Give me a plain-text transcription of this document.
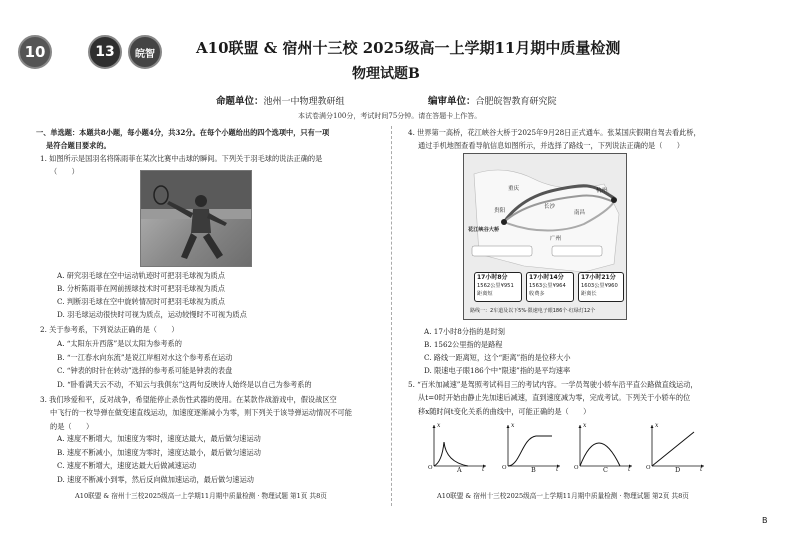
10	13 皖智	A10联盟 & 宿州十三校 2025级高一上学期11月期中质量检测
物理试题B
命题单位：池州一中物理教研组	编审单位：合肥皖智教育研究院
本试卷满分100分，考试时间75分钟。请在答题卡上作答。
一、单选题：本题共8小题，每小题4分，共32分。在每个小题给出的四个选项中，只有一项
是符合题目要求的。
1. 如图所示是国羽名将陈雨菲在某次比赛中击球的瞬间。下列关于羽毛球的说法正确的是
（　　）
A. 研究羽毛球在空中运动轨迹时可把羽毛球视为质点
B. 分析陈雨菲在网前搓球技术时可把羽毛球视为质点
C. 判断羽毛球在空中旋转情况时可把羽毛球视为质点
D. 羽毛球运动很快时可视为质点，运动较慢时不可视为质点
2. 关于参考系，下列说法正确的是（　　）
A. “太阳东升西落”是以太阳为参考系的
B. “一江春水向东流”是说江岸相对水这个参考系在运动
C. “钟表的时针在转动”选择的参考系可能是钟表的表盘
D. “卧看满天云不动，不知云与我俱东”这两句反映诗人始终是以自己为参考系的
3. 我们珍爱和平，反对战争，希望能停止杀伤性武器的使用。在某款作战游戏中，假设战区空
中飞行的一枚导弹在做变速直线运动，加速度逐渐减小为零，则下列关于该导弹运动情况不可能
的是（　　）
A. 速度不断增大，加速度为零时，速度达最大，最后做匀速运动
B. 速度不断减小，加速度为零时，速度达最小，最后做匀速运动
C. 速度不断增大，速度达最大后做减速运动
D. 速度不断减小到零，然后反向做加速运动，最后做匀速运动
A10联盟 & 宿州十三校2025级高一上学期11月期中质量检测 · 物理试题 第1页 共8页
4. 世界第一高桥，花江峡谷大桥于2025年9月28日正式通车。张某国庆假期自驾去看此桥，
通过手机地图查看导航信息如图所示，并选择了路线一，下列说法正确的是（　　）
重庆
贵阳
花江峡谷大桥
广州
长沙
南昌
杭州
路线一：2车道及以下5%·限速电子眼186个·红绿灯12个
17小时8分
1562公里¥951
距离短
17小时14分
1563公里¥964
收费多
17小时21分
1603公里¥960
距离长
A. 17小时8分指的是时刻
B. 1562公里指的是路程
C. 路线一距离短，这个“距离”指的是位移大小
D. 限速电子眼186个中“限速”指的是平均速率
5. “百米加减速”是驾照考试科目三的考试内容。一学员驾驶小轿车沿平直公路做直线运动，
从t=0时开始由静止先加速后减速，直到速度减为零，完成考试。下列关于小轿车的位
移x随时间t变化关系的曲线中，可能正确的是（　　）
x
t
O	A
x
t
O	B
x
t
O	C
x
t
O	D
A10联盟 & 宿州十三校2025级高一上学期11月期中质量检测 · 物理试题 第2页 共8页
B
